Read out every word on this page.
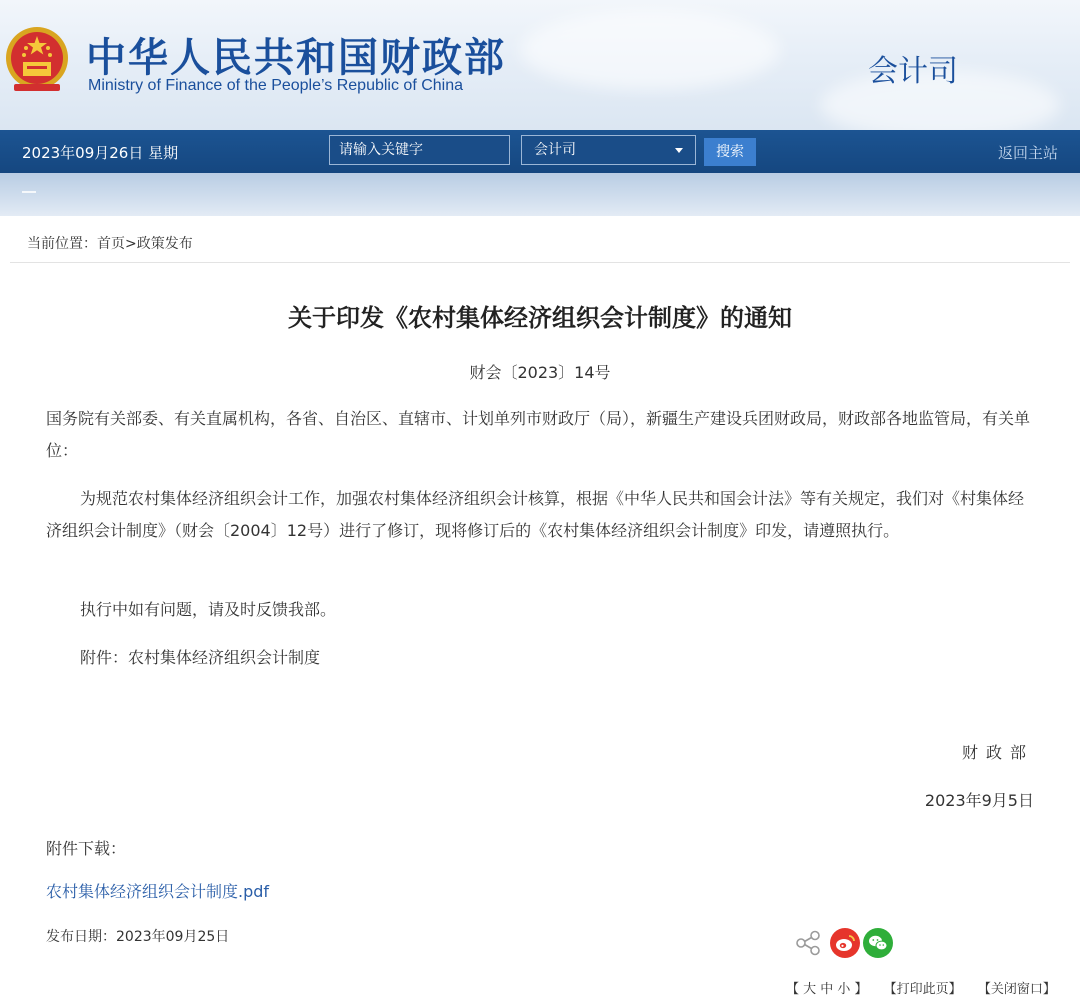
中华人民共和国财政部
Ministry of Finance of the People’s Republic of China	会计司
2023年09月26日 星期	请输入关键字	会计司	搜索	返回主站
当前位置：首页>政策发布
关于印发《农村集体经济组织会计制度》的通知
财会〔2023〕14号
国务院有关部委、有关直属机构，各省、自治区、直辖市、计划单列市财政厅（局），新疆生产建设兵团财政局，财政部各地监管局，有关单位：
为规范农村集体经济组织会计工作，加强农村集体经济组织会计核算，根据《中华人民共和国会计法》等有关规定，我们对《村集体经济组织会计制度》（财会〔2004〕12号）进行了修订，现将修订后的《农村集体经济组织会计制度》印发，请遵照执行。
执行中如有问题，请及时反馈我部。
附件：农村集体经济组织会计制度
财政部
2023年9月5日
附件下载：
农村集体经济组织会计制度.pdf
发布日期：2023年09月25日
【 大 中 小 】 【打印此页】 【关闭窗口】
